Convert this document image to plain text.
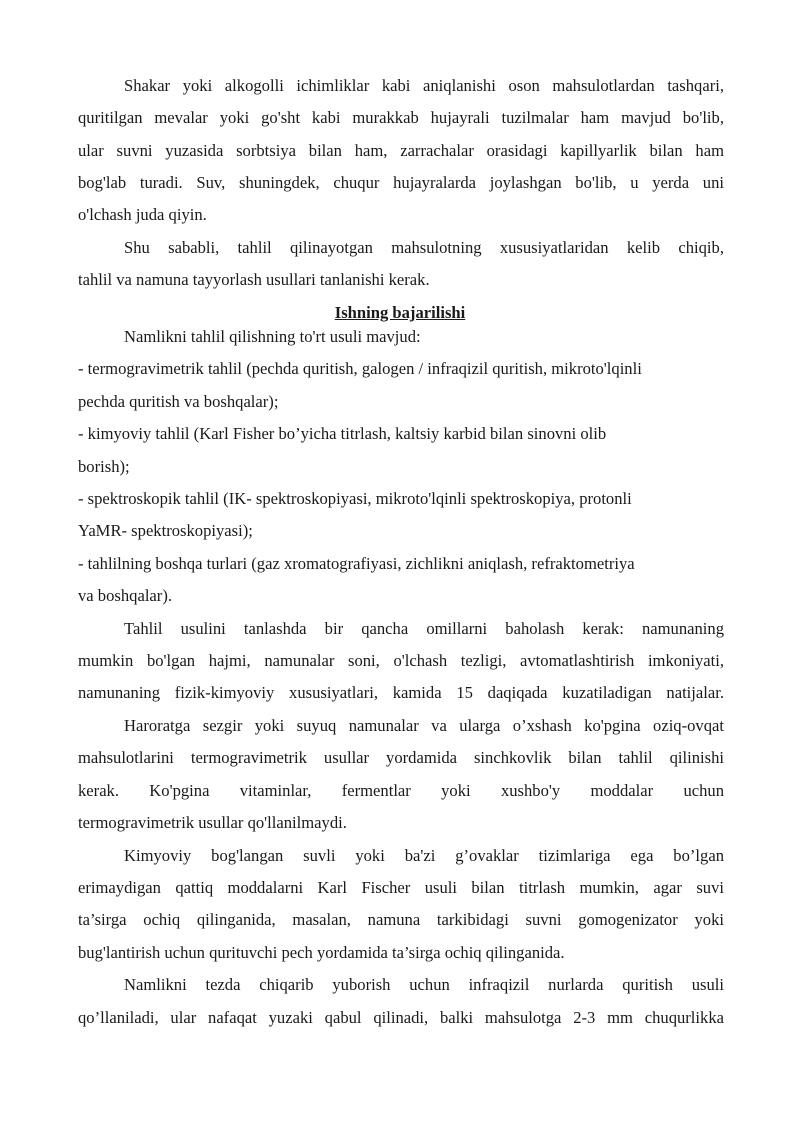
Shakar yoki alkogolli ichimliklar kabi aniqlanishi oson mahsulotlardan tashqari,
quritilgan mevalar yoki go'sht kabi murakkab hujayrali tuzilmalar ham mavjud bo'lib,
ular suvni yuzasida sorbtsiya bilan ham, zarrachalar orasidagi kapillyarlik bilan ham
bog'lab turadi. Suv, shuningdek, chuqur hujayralarda joylashgan bo'lib, u yerda uni
o'lchash juda qiyin.
Shu sababli, tahlil qilinayotgan mahsulotning xususiyatlaridan kelib chiqib,
tahlil va namuna tayyorlash usullari tanlanishi kerak.
Ishning bajarilishi
Namlikni tahlil qilishning to'rt usuli mavjud:
- termogravimetrik tahlil (pechda quritish, galogen / infraqizil quritish, mikroto'lqinli
pechda quritish va boshqalar);
- kimyoviy tahlil (Karl Fisher bo’yicha titrlash, kaltsiy karbid bilan sinovni olib
borish);
- spektroskopik tahlil (IK- spektroskopiyasi, mikroto'lqinli spektroskopiya, protonli
YaMR- spektroskopiyasi);
- tahlilning boshqa turlari (gaz xromatografiyasi, zichlikni aniqlash, refraktometriya
va boshqalar).
Tahlil usulini tanlashda bir qancha omillarni baholash kerak: namunaning
mumkin bo'lgan hajmi, namunalar soni, o'lchash tezligi, avtomatlashtirish imkoniyati,
namunaning fizik-kimyoviy xususiyatlari, kamida 15 daqiqada kuzatiladigan natijalar.
Haroratga sezgir yoki suyuq namunalar va ularga o’xshash ko'pgina oziq-ovqat
mahsulotlarini termogravimetrik usullar yordamida sinchkovlik bilan tahlil qilinishi
kerak. Ko'pgina vitaminlar, fermentlar yoki xushbo'y moddalar uchun
termogravimetrik usullar qo'llanilmaydi.
Kimyoviy bog'langan suvli yoki ba'zi g’ovaklar tizimlariga ega bo’lgan
erimaydigan qattiq moddalarni Karl Fischer usuli bilan titrlash mumkin, agar suvi
ta’sirga ochiq qilinganida, masalan, namuna tarkibidagi suvni gomogenizator yoki
bug'lantirish uchun qurituvchi pech yordamida ta’sirga ochiq qilinganida.
Namlikni tezda chiqarib yuborish uchun infraqizil nurlarda quritish usuli
qo’llaniladi, ular nafaqat yuzaki qabul qilinadi, balki mahsulotga 2-3 mm chuqurlikka
